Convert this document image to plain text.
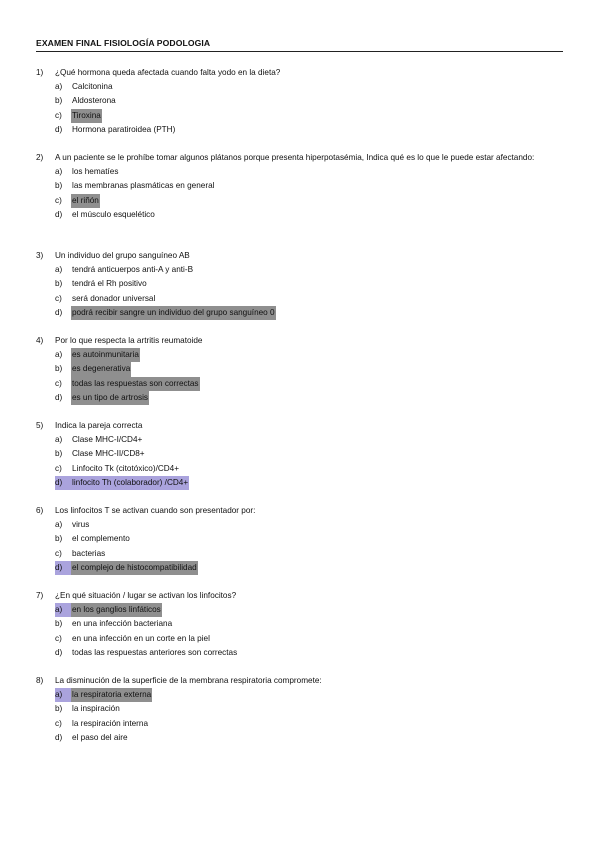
EXAMEN FINAL FISIOLOGÍA PODOLOGIA
1)	¿Qué hormona queda afectada cuando falta yodo en la dieta?
a)	Calcitonina
b)	Aldosterona
c)	Tiroxina
d)	Hormona paratiroidea (PTH)
2)	A un paciente se le prohíbe tomar algunos plátanos porque presenta hiperpotasémia, Indica qué es lo que le puede estar afectando:
a)	los hematíes
b)	las membranas plasmáticas en general
c)	el riñón
d)	el músculo esquelético
3)	Un individuo del grupo sanguíneo AB
a)	tendrá anticuerpos anti-A y anti-B
b)	tendrá el Rh positivo
c)	será donador universal
d)	podrá recibir sangre un individuo del grupo sanguíneo 0
4)	Por lo que respecta la artritis reumatoide
a)	es autoinmunitaria
b)	es degenerativa
c)	todas las respuestas son correctas
d)	es un tipo de artrosis
5)	Indica la pareja correcta
a)	Clase MHC-I/CD4+
b)	Clase MHC-II/CD8+
c)	Linfocito Tk (citotóxico)/CD4+
d)	linfocito Th (colaborador) /CD4+
6)	Los linfocitos T se activan cuando son presentador por:
a)	virus
b)	el complemento
c)	bacterias
d)	el complejo de histocompatibilidad
7)	¿En qué situación / lugar se activan los linfocitos?
a)	en los ganglios linfáticos
b)	en una infección bacteriana
c)	en una infección en un corte en la piel
d)	todas las respuestas anteriores son correctas
8)	La disminución de la superficie de la membrana respiratoria compromete:
a)	la respiratoria externa
b)	la inspiración
c)	la respiración interna
d)	el paso del aire
